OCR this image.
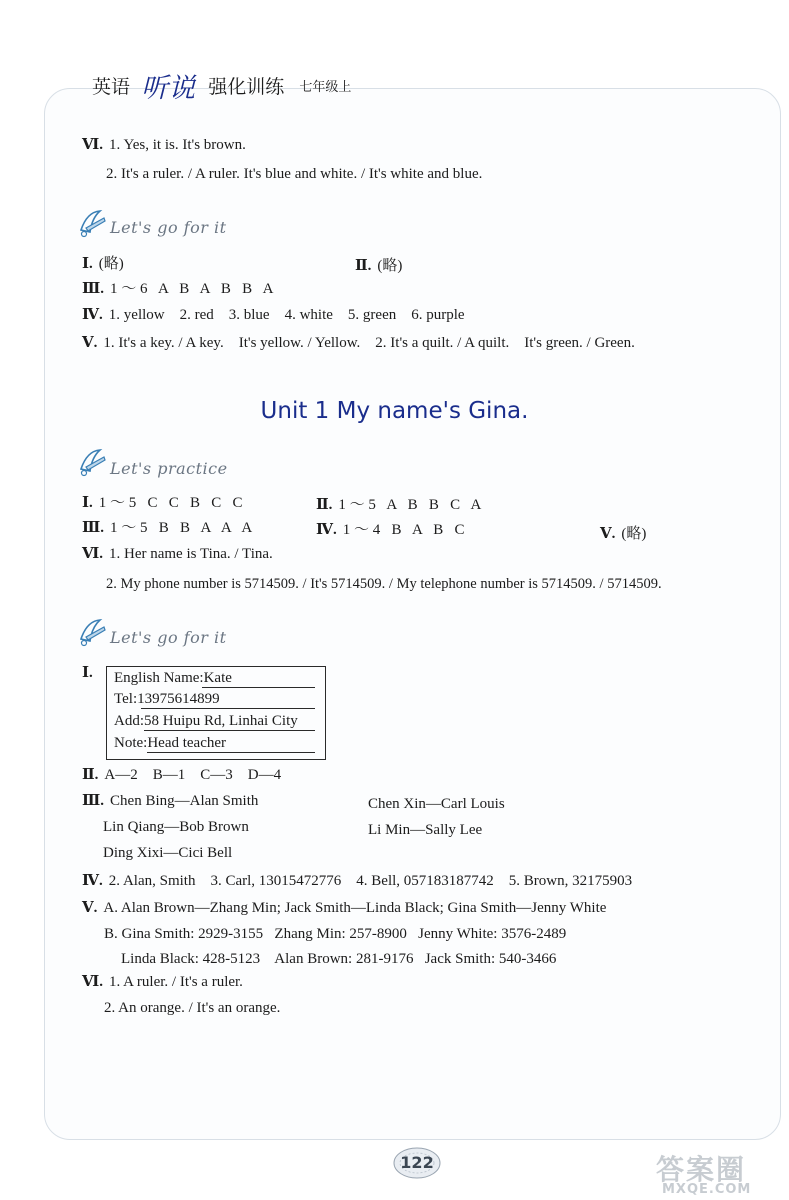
英语 听说 强化训练 七年级上
Ⅵ. 1. Yes, it is. It's brown.
2. It's a ruler. / A ruler. It's blue and white. / It's white and blue.
Let's go for it
Ⅰ. (略)	Ⅱ. (略)
Ⅲ. 1 ～ 6   A   B   A   B   B   A
Ⅳ. 1. yellow    2. red    3. blue    4. white    5. green    6. purple
Ⅴ. 1. It's a key. / A key.    It's yellow. / Yellow.    2. It's a quilt. / A quilt.    It's green. / Green.
Unit 1 My name's Gina.
Let's practice
Ⅰ. 1 ～ 5   C   C   B   C   C	Ⅱ. 1 ～ 5   A   B   B   C   A
Ⅲ. 1 ～ 5   B   B   A   A   A	Ⅳ. 1 ～ 4   B   A   B   C	Ⅴ. (略)
Ⅵ. 1. Her name is Tina. / Tina.
2. My phone number is 5714509. / It's 5714509. / My telephone number is 5714509. / 5714509.
Let's go for it
Ⅰ. English Name:Kate
Tel:13975614899
Add:58 Huipu Rd, Linhai City
Note:Head teacher
Ⅱ. A—2    B—1    C—3    D—4
Ⅲ. Chen Bing—Alan Smith	Chen Xin—Carl Louis
Lin Qiang—Bob Brown	Li Min—Sally Lee
Ding Xixi—Cici Bell
Ⅳ. 2. Alan, Smith    3. Carl, 13015472776    4. Bell, 057183187742    5. Brown, 32175903
Ⅴ. A. Alan Brown—Zhang Min; Jack Smith—Linda Black; Gina Smith—Jenny White
B. Gina Smith: 2929-3155   Zhang Min: 257-8900   Jenny White: 3576-2489
Linda Black: 428-5123    Alan Brown: 281-9176   Jack Smith: 540-3466
Ⅵ. 1. A ruler. / It's a ruler.
2. An orange. / It's an orange.
122	答案圈
MXQE.COM
